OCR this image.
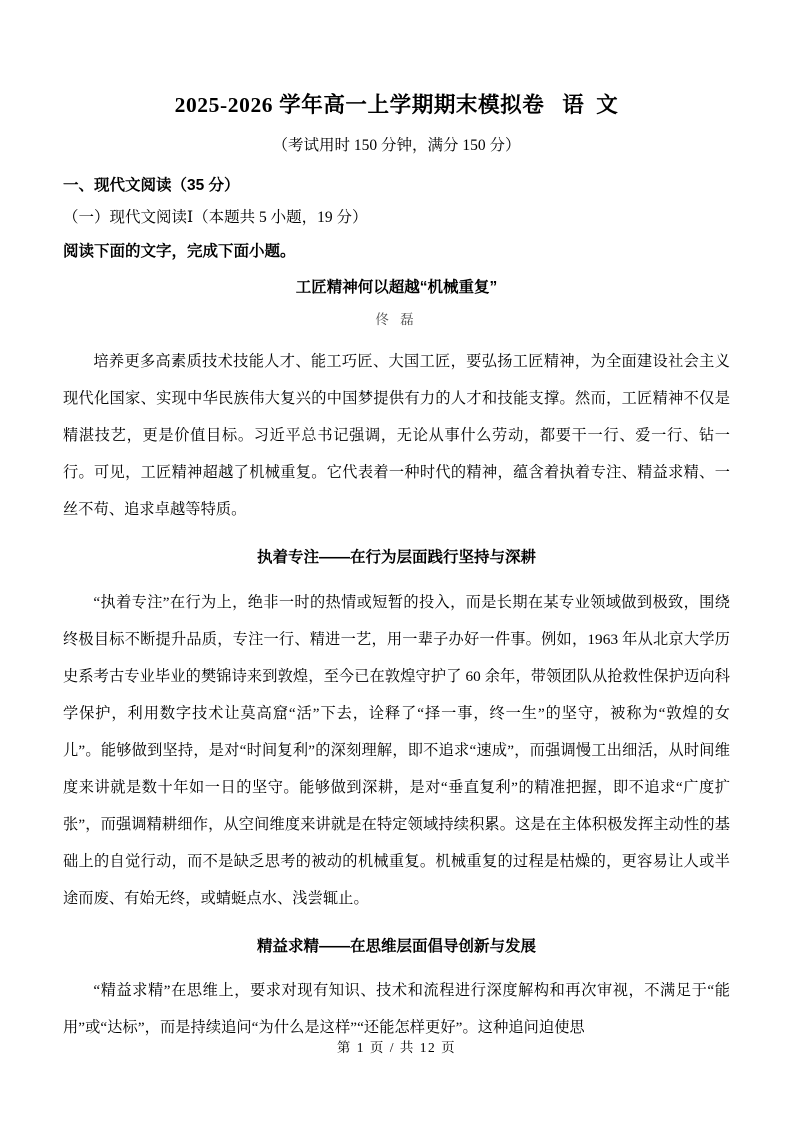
2025-2026 学年高一上学期期末模拟卷   语  文

（考试用时 150 分钟，满分 150 分）

一、现代文阅读（35 分）

（一）现代文阅读Ⅰ（本题共 5 小题，19 分）

阅读下面的文字，完成下面小题。

工匠精神何以超越“机械重复”

佟 磊

培养更多高素质技术技能人才、能工巧匠、大国工匠，要弘扬工匠精神，为全面建设社会主义现代化国家、实现中华民族伟大复兴的中国梦提供有力的人才和技能支撑。然而，工匠精神不仅是精湛技艺，更是价值目标。习近平总书记强调，无论从事什么劳动，都要干一行、爱一行、钻一行。可见，工匠精神超越了机械重复。它代表着一种时代的精神，蕴含着执着专注、精益求精、一丝不苟、追求卓越等特质。

执着专注——在行为层面践行坚持与深耕

“执着专注”在行为上，绝非一时的热情或短暂的投入，而是长期在某专业领域做到极致，围绕终极目标不断提升品质，专注一行、精进一艺，用一辈子办好一件事。例如，1963 年从北京大学历史系考古专业毕业的樊锦诗来到敦煌，至今已在敦煌守护了 60 余年，带领团队从抢救性保护迈向科学保护，利用数字技术让莫高窟“活”下去，诠释了“择一事，终一生”的坚守，被称为“敦煌的女儿”。能够做到坚持，是对“时间复利”的深刻理解，即不追求“速成”，而强调慢工出细活，从时间维度来讲就是数十年如一日的坚守。能够做到深耕，是对“垂直复利”的精准把握，即不追求“广度扩张”，而强调精耕细作，从空间维度来讲就是在特定领域持续积累。这是在主体积极发挥主动性的基础上的自觉行动，而不是缺乏思考的被动的机械重复。机械重复的过程是枯燥的，更容易让人或半途而废、有始无终，或蜻蜓点水、浅尝辄止。

精益求精——在思维层面倡导创新与发展

“精益求精”在思维上，要求对现有知识、技术和流程进行深度解构和再次审视，不满足于“能用”或“达标”，而是持续追问“为什么是这样”“还能怎样更好”。这种追问迫使思

第 1 页 / 共 12 页
